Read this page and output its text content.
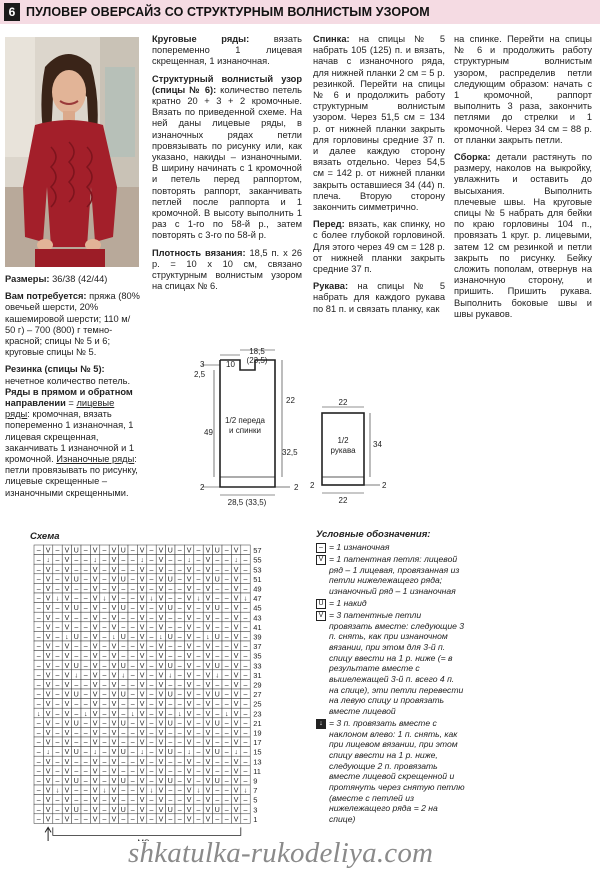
6 ПУЛОВЕР ОВЕРСАЙЗ СО СТРУКТУРНЫМ ВОЛНИСТЫМ УЗОРОМ

Размеры: 36/38 (42/44)

Вам потребуется: пряжа (80% овечьей шерсти, 20% кашемировой шерсти; 110 м/ 50 г) – 700 (800) г темно-красной; спицы № 5 и 6; круговые спицы № 5.

Резинка (спицы № 5): нечетное количество петель. Ряды в прямом и обратном направлении = лицевые ряды: кромочная, вязать попеременно 1 изнаночная, 1 лицевая скрещенная, заканчивать 1 изнаночной и 1 кромочной. Изнаночные ряды: петли провязывать по рисунку, лицевые скрещенные – изнаночными скрещенными.

Круговые ряды: вязать попеременно 1 лицевая скрещенная, 1 изнаночная.

Структурный волнистый узор (спицы № 6): количество петель кратно 20 + 3 + 2 кромочные. Вязать по приведенной схеме. На ней даны лицевые ряды, в изнаночных рядах петли провязывать по рисунку или, как указано, накиды – изнаночными. В ширину начинать с 1 кромочной и петель перед раппортом, повторять раппорт, заканчивать петлей после раппорта и 1 кромочной. В высоту выполнить 1 раз с 1-го по 58-й р., затем повторять с 3-го по 58-й р.

Плотность вязания: 18,5 п. x 26 р. = 10 x 10 см, связано структурным волнистым узором на спицах № 6.

Спинка: на спицы № 5 набрать 105 (125) п. и вязать, начав с изнаночного ряда, для нижней планки 2 см = 5 р. резинкой. Перейти на спицы № 6 и продолжить работу структурным волнистым узором. Через 51,5 см = 134 р. от нижней планки закрыть для горловины средние 37 п. и далее каждую сторону вязать отдельно. Через 54,5 см = 142 р. от нижней планки закрыть оставшиеся 34 (44) п. плеча. Вторую сторону закончить симметрично.

Перед: вязать, как спинку, но с более глубокой горловиной. Для этого через 49 см = 128 р. от нижней планки закрыть средние 37 п.

Рукава: на спицы № 5 набрать для каждого рукава по 81 п. и связать планку, как

на спинке. Перейти на спицы № 6 и продолжить работу структурным волнистым узором, распределив петли следующим образом: начать с 1 кромочной, раппорт выполнить 3 раза, закончить петлями до стрелки и 1 кромочной. Через 34 см = 88 р. от планки закрыть петли.

Сборка: детали растянуть по размеру, наколов на выкройку, увлажнить и оставить до высыхания. Выполнить плечевые швы. На круговые спицы № 5 набрать для бейки по краю горловины 104 п., провязать 1 круг. р. лицевыми, затем 12 см резинкой и петли закрыть по рисунку. Бейку сложить пополам, отвернув на изнаночную сторону, и пришить. Пришить рукава. Выполнить боковые швы и швы рукавов.

1/2 переда
и спинки
10
18,5
(23,5)
22
49
32,5
3
2,5
2	2
28,5 (33,5)
1/2
рукава
22
34
2	2
22
Схема
– V – V U – V – V U – V – V U – V – V U – V –
– ↓ – V – – ↓ – V – – ↓ – V – – ↓ – V – – ↓ –
– V – V – – V – V – – V – V – – V – V – – V –
– V – V U – V – V U – V – V U – V – V U – V –
– V – V – – V – V – – V – V – – V – V – – V –
– V ↓ V – – V ↓ V – – V ↓ V – – V ↓ V – – V ↓
– V – V U – V – V U – V – V U – V – V U – V –
– V – V – – V – V – – V – V – – V – V – – V –
– V – V – – V – V – – V – V – – V – V – – V –
– V – ↓ U – V – ↓ U – V – ↓ U – V – ↓ U – V –
– V – V – – V – V – – V – V – – V – V – – V –
– V – V – – V – V – – V – V – – V – V – – V –
– V – V U – V – V U – V – V U – V – V U – V –
– V – V ↓ – V – V ↓ – V – V ↓ – V – V ↓ – V –
– V – V – – V – V – – V – V – – V – V – – V –
– V – V U – V – V U – V – V U – V – V U – V –
– V – V – – V – V – – V – V – – V – V – – V –
↓ V – V – ↓ V – V – ↓ V – V – ↓ V – V – ↓ V –
– V – V U – V – V U – V – V U – V – V U – V –
– V – V – – V – V – – V – V – – V – V – – V –
– V – V – – V – V – – V – V – – V – V – – V –
– ↓ – V U – ↓ – V U – ↓ – V U – ↓ – V U – ↓ –
– V – V – – V – V – – V – V – – V – V – – V –
– V – V – – V – V – – V – V – – V – V – – V –
– V – V U – V – V U – V – V U – V – V U – V –
– V ↓ V – – V ↓ V – – V ↓ V – – V ↓ V – – V ↓
– V – V – – V – V – – V – V – – V – V – – V –
– V – V U – V – V U – V – V U – V – V U – V –
– V – V – – V – V – – V – V – – V – V – – V –
57
55
53
51
49
47
45
43
41
39
37
35
33
31
29
27
25
23
21
19
17
15
13
11
9
7
5
3
1
Условные обозначения:
– = 1 изнаночная
V = 1 патентная петля: лицевой ряд – 1 лицевая, провязанная из петли нижележащего ряда; изнаночный ряд – 1 изнаночная
U = 1 накид
V = 3 патентные петли провязать вместе: следующие 3 п. снять, как при изнаночном вязании, при этом для 3-й п. спицу ввести на 1 р. ниже (= в результате вместе с вышележащей 3-й п. всего 4 п. на спице), эти петли перевести на левую спицу и провязать вместе лицевой
↓ = 3 п. провязать вместе с наклоном влево: 1 п. снять, как при лицевом вязании, при этом спицу ввести на 1 р. ниже, следующие 2 п. провязать вместе лицевой скрещенной и протянуть через снятую петлю (вместе с петлей из нижележащего ряда = 2 на спице)
shkatulka-rukodeliya.com
